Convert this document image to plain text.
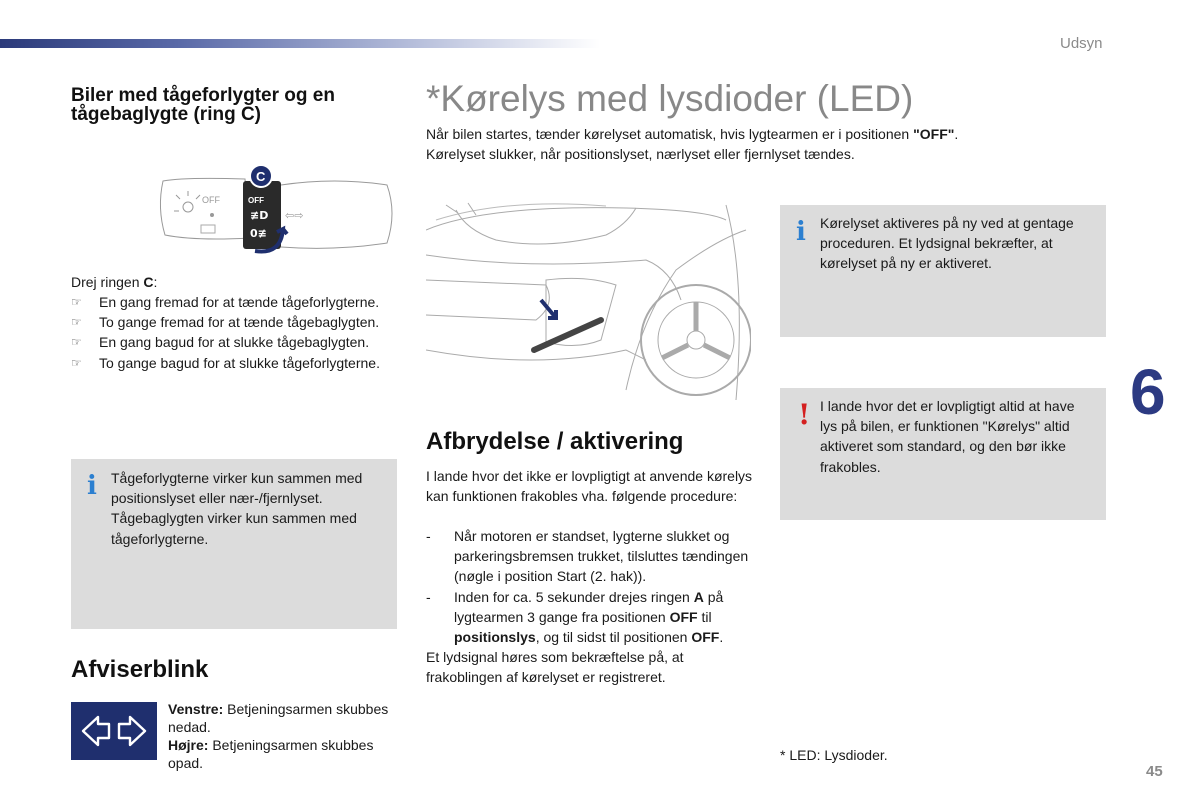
Udsyn
6
45
Biler med tågeforlygter og en tågebaglygte (ring C)
OFF	OFF
≢D
0≢
C
⇦⇨
Drej ringen C:
☞ En gang fremad for at tænde tågeforlygterne.
☞ To gange fremad for at tænde tågebaglygten.
☞ En gang bagud for at slukke tågebaglygten.
☞ To gange bagud for at slukke tågeforlygterne.
i Tågeforlygterne virker kun sammen med positionslyset eller nær-/fjernlyset. Tågebaglygten virker kun sammen med tågeforlygterne.
Afviserblink
Venstre: Betjeningsarmen skubbes nedad.
Højre: Betjeningsarmen skubbes opad.
*Kørelys med lysdioder (LED)
Når bilen startes, tænder kørelyset automatisk, hvis lygtearmen er i positionen "OFF".
Kørelyset slukker, når positionslyset, nærlyset eller fjernlyset tændes.
Afbrydelse / aktivering
I lande hvor det ikke er lovpligtigt at anvende kørelys kan funktionen frakobles vha. følgende procedure:
- Når motoren er standset, lygterne slukket og parkeringsbremsen trukket, tilsluttes tændingen (nøgle i position Start (2. hak)).
- Inden for ca. 5 sekunder drejes ringen A på lygtearmen 3 gange fra positionen OFF til positionslys, og til sidst til positionen OFF.
Et lydsignal høres som bekræftelse på, at frakoblingen af kørelyset er registreret.
i Kørelyset aktiveres på ny ved at gentage proceduren. Et lydsignal bekræfter, at kørelyset på ny er aktiveret.
! I lande hvor det er lovpligtigt altid at have lys på bilen, er funktionen "Kørelys" altid aktiveret som standard, og den bør ikke frakobles.
* LED: Lysdioder.
